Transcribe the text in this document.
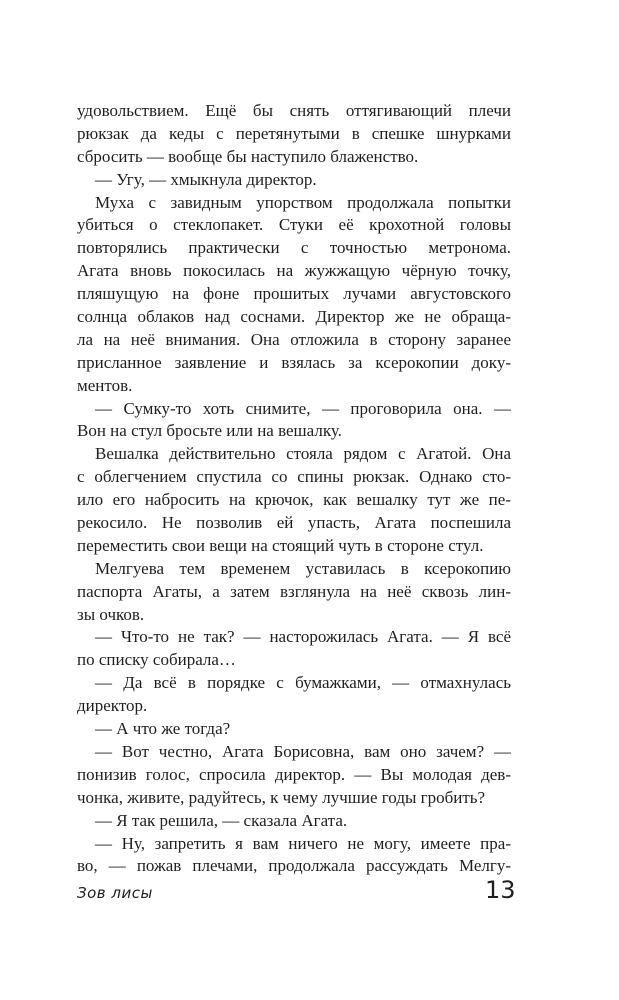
удовольствием. Ещё бы снять оттягивающий плечи
рюкзак да кеды с перетянутыми в спешке шнурками
сбросить — вообще бы наступило блаженство.
— Угу, — хмыкнула директор.
Муха с завидным упорством продолжала попытки
убиться о стеклопакет. Стуки её крохотной головы
повторялись практически с точностью метронома.
Агата вновь покосилась на жужжащую чёрную точку,
пляшущую на фоне прошитых лучами августовского
солнца облаков над соснами. Директор же не обраща-
ла на неё внимания. Она отложила в сторону заранее
присланное заявление и взялась за ксерокопии доку-
ментов.
— Сумку-то хоть снимите, — проговорила она. —
Вон на стул бросьте или на вешалку.
Вешалка действительно стояла рядом с Агатой. Она
с облегчением спустила со спины рюкзак. Однако сто-
ило его набросить на крючок, как вешалку тут же пе-
рекосило. Не позволив ей упасть, Агата поспешила
переместить свои вещи на стоящий чуть в стороне стул.
Мелгуева тем временем уставилась в ксерокопию
паспорта Агаты, а затем взглянула на неё сквозь лин-
зы очков.
— Что-то не так? — насторожилась Агата. — Я всё
по списку собирала…
— Да всё в порядке с бумажками, — отмахнулась
директор.
— А что же тогда?
— Вот честно, Агата Борисовна, вам оно зачем? —
понизив голос, спросила директор. — Вы молодая дев-
чонка, живите, радуйтесь, к чему лучшие годы гробить?
— Я так решила, — сказала Агата.
— Ну, запретить я вам ничего не могу, имеете пра-
во, — пожав плечами, продолжала рассуждать Мелгу-
Зов лисы	13
